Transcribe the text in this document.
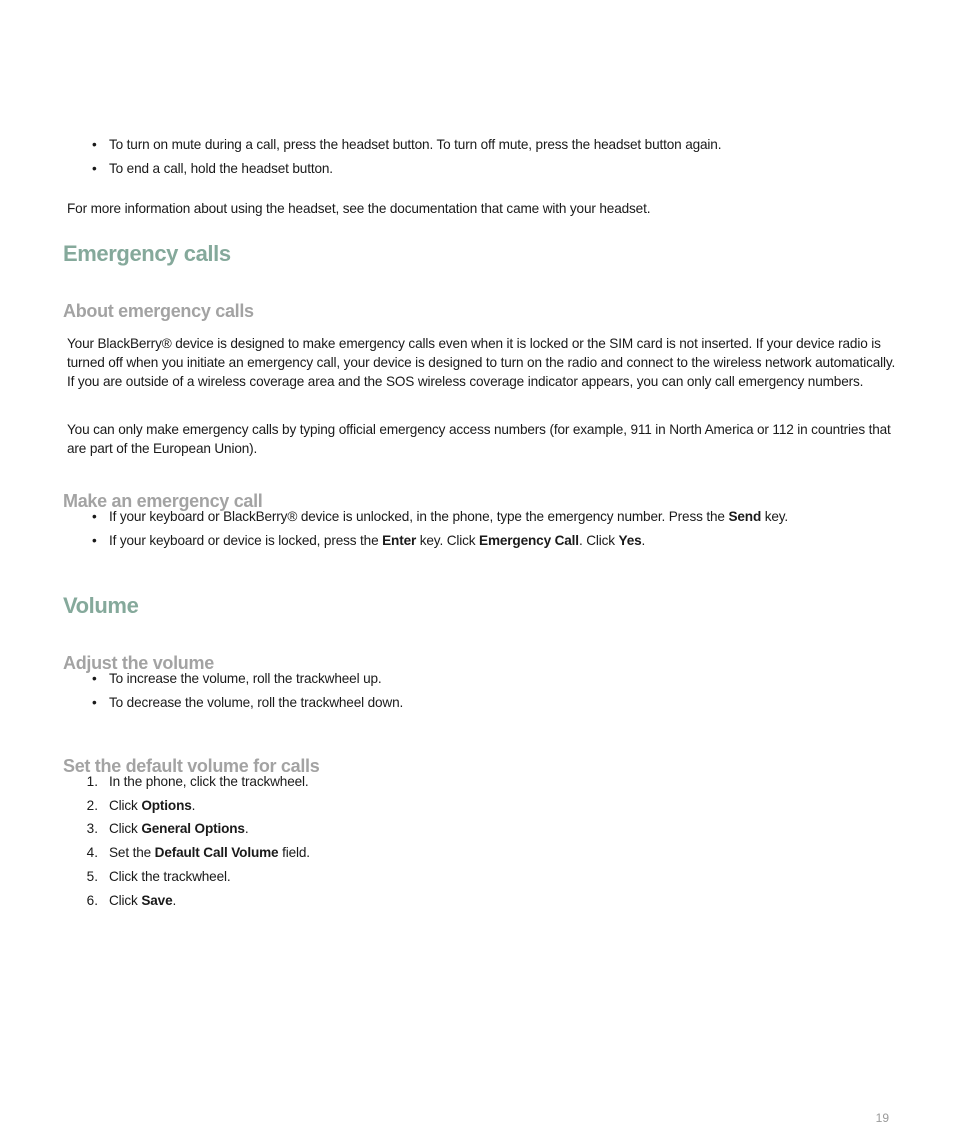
• To turn on mute during a call, press the headset button. To turn off mute, press the headset button again.
• To end a call, hold the headset button.

For more information about using the headset, see the documentation that came with your headset.

Emergency calls
About emergency calls

Your BlackBerry® device is designed to make emergency calls even when it is locked or the SIM card is not inserted. If your device radio is turned off when you initiate an emergency call, your device is designed to turn on the radio and connect to the wireless network automatically. If you are outside of a wireless coverage area and the SOS wireless coverage indicator appears, you can only call emergency numbers.

You can only make emergency calls by typing official emergency access numbers (for example, 911 in North America or 112 in countries that are part of the European Union).

Make an emergency call
• If your keyboard or BlackBerry® device is unlocked, in the phone, type the emergency number. Press the Send key.
• If your keyboard or device is locked, press the Enter key. Click Emergency Call. Click Yes.
Volume
Adjust the volume
• To increase the volume, roll the trackwheel up.
• To decrease the volume, roll the trackwheel down.
Set the default volume for calls
1. In the phone, click the trackwheel.
2. Click Options.
3. Click General Options.
4. Set the Default Call Volume field.
5. Click the trackwheel.
6. Click Save.
19
